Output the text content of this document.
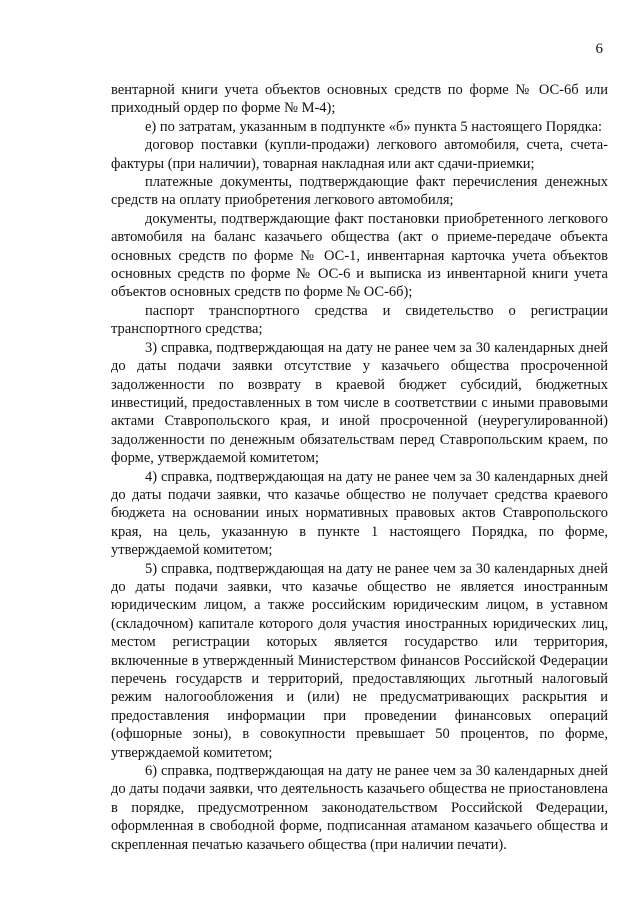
6

вентарной книги учета объектов основных средств по форме № ОС-6б или приходный ордер по форме № М-4);

е) по затратам, указанным в подпункте «б» пункта 5 настоящего Порядка:

договор поставки (купли-продажи) легкового автомобиля, счета, счета-фактуры (при наличии), товарная накладная или акт сдачи-приемки;

платежные документы, подтверждающие факт перечисления денежных средств на оплату приобретения легкового автомобиля;

документы, подтверждающие факт постановки приобретенного легкового автомобиля на баланс казачьего общества (акт о приеме-передаче объекта основных средств по форме № ОС-1, инвентарная карточка учета объектов основных средств по форме № ОС-6 и выписка из инвентарной книги учета объектов основных средств по форме № ОС-6б);

паспорт транспортного средства и свидетельство о регистрации транспортного средства;

3) справка, подтверждающая на дату не ранее чем за 30 календарных дней до даты подачи заявки отсутствие у казачьего общества просроченной задолженности по возврату в краевой бюджет субсидий, бюджетных инвестиций, предоставленных в том числе в соответствии с иными правовыми актами Ставропольского края, и иной просроченной (неурегулированной) задолженности по денежным обязательствам перед Ставропольским краем, по форме, утверждаемой комитетом;

4) справка, подтверждающая на дату не ранее чем за 30 календарных дней до даты подачи заявки, что казачье общество не получает средства краевого бюджета на основании иных нормативных правовых актов Ставропольского края, на цель, указанную в пункте 1 настоящего Порядка, по форме, утверждаемой комитетом;

5) справка, подтверждающая на дату не ранее чем за 30 календарных дней до даты подачи заявки, что казачье общество не является иностранным юридическим лицом, а также российским юридическим лицом, в уставном (складочном) капитале которого доля участия иностранных юридических лиц, местом регистрации которых является государство или территория, включенные в утвержденный Министерством финансов Российской Федерации перечень государств и территорий, предоставляющих льготный налоговый режим налогообложения и (или) не предусматривающих раскрытия и предоставления информации при проведении финансовых операций (офшорные зоны), в совокупности превышает 50 процентов, по форме, утверждаемой комитетом;

6) справка, подтверждающая на дату не ранее чем за 30 календарных дней до даты подачи заявки, что деятельность казачьего общества не приостановлена в порядке, предусмотренном законодательством Российской Федерации, оформленная в свободной форме, подписанная атаманом казачьего общества и скрепленная печатью казачьего общества (при наличии печати).
